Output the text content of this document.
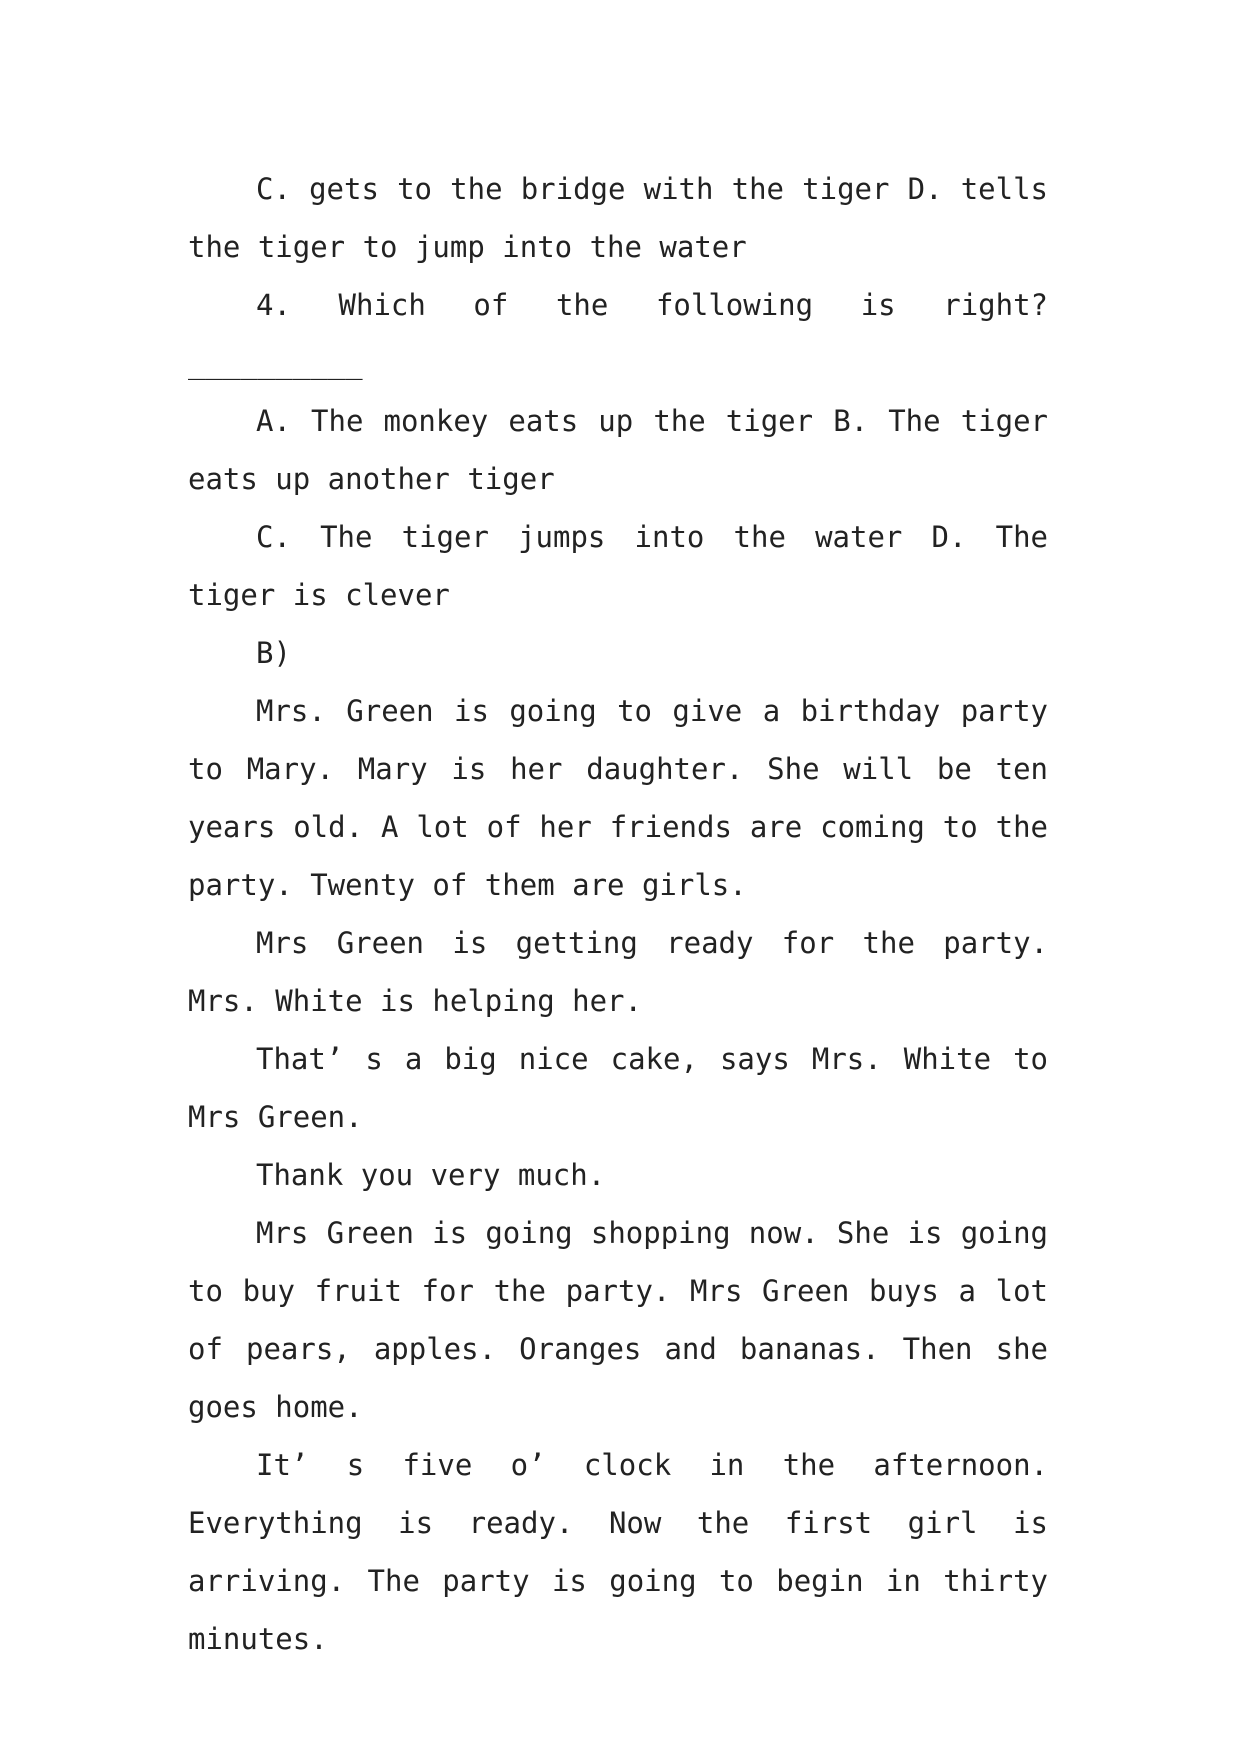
C. gets to the bridge with the tiger D. tells the tiger to jump into the water

4. Which of the following is right? __________

A. The monkey eats up the tiger B. The tiger eats up another tiger

C. The tiger jumps into the water D. The tiger is clever

B)

Mrs. Green is going to give a birthday party to Mary. Mary is her daughter. She will be ten years old. A lot of her friends are coming to the party. Twenty of them are girls.

Mrs Green is getting ready for the party. Mrs. White is helping her.

That’ s a big nice cake, says Mrs. White to Mrs Green.

Thank you very much.

Mrs Green is going shopping now. She is going to buy fruit for the party. Mrs Green buys a lot of pears, apples. Oranges and bananas. Then she goes home.

It’ s five o’ clock in the afternoon. Everything is ready. Now the first girl is arriving. The party is going to begin in thirty minutes.
